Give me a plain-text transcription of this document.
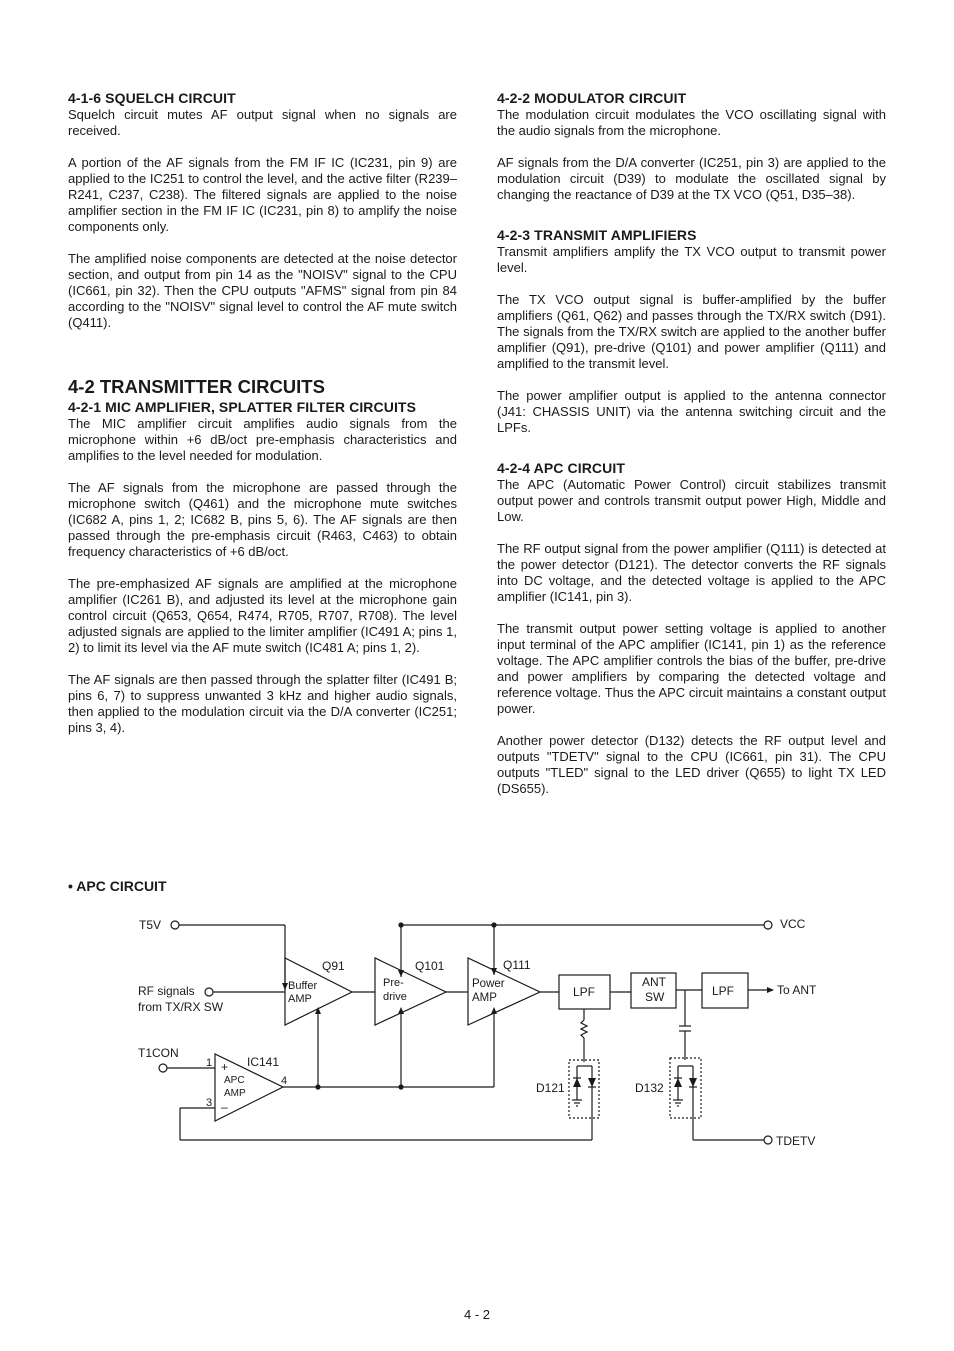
4-1-6 SQUELCH CIRCUIT

Squelch circuit mutes AF output signal when no signals are received.

A portion of the AF signals from the FM IF IC (IC231, pin 9) are applied to the IC251 to control the level, and the active filter (R239–R241, C237, C238). The filtered signals are applied to the noise amplifier section in the FM IF IC (IC231, pin 8) to amplify the noise components only.

The amplified noise components are detected at the noise detector section, and output from pin 14 as the "NOISV" signal to the CPU (IC661, pin 32). Then the CPU outputs "AFMS" signal from pin 84 according to the "NOISV" signal level to control the AF mute switch (Q411).

4-2 TRANSMITTER CIRCUITS
4-2-1 MIC AMPLIFIER, SPLATTER FILTER CIRCUITS

The MIC amplifier circuit amplifies audio signals from the microphone within +6 dB/oct pre-emphasis characteristics and amplifies to the level needed for modulation.

The AF signals from the microphone are passed through the microphone switch (Q461) and the microphone mute switches (IC682 A, pins 1, 2; IC682 B, pins 5, 6). The AF signals are then passed through the pre-emphasis circuit (R463, C463) to obtain frequency characteristics of +6 dB/oct.

The pre-emphasized AF signals are amplified at the microphone amplifier (IC261 B), and adjusted its level at the microphone gain control circuit (Q653, Q654, R474, R705, R707, R708). The level adjusted signals are applied to the limiter amplifier (IC491 A; pins 1, 2) to limit its level via the AF mute switch (IC481 A; pins 1, 2).

The AF signals are then passed through the splatter filter (IC491 B; pins 6, 7) to suppress unwanted 3 kHz and higher audio signals, then applied to the modulation circuit via the D/A converter (IC251; pins 3, 4).

4-2-2 MODULATOR CIRCUIT

The modulation circuit modulates the VCO oscillating signal with the audio signals from the microphone.

AF signals from the D/A converter (IC251, pin 3) are applied to the modulation circuit (D39) to modulate the oscillated signal by changing the reactance of D39 at the TX VCO (Q51, D35–38).

4-2-3 TRANSMIT AMPLIFIERS

Transmit amplifiers amplify the TX VCO output to transmit power level.

The TX VCO output signal is buffer-amplified by the buffer amplifiers (Q61, Q62) and passes through the TX/RX switch (D91). The signals from the TX/RX switch are applied to the another buffer amplifier (Q91), pre-drive (Q101) and power amplifier (Q111) and amplified to the transmit level.

The power amplifier output is applied to the antenna connector (J41: CHASSIS UNIT) via the antenna switching circuit and the LPFs.

4-2-4 APC CIRCUIT

The APC (Automatic Power Control) circuit stabilizes transmit output power and controls transmit output power High, Middle and Low.

The RF output signal from the power amplifier (Q111) is detected at the power detector (D121). The detector converts the RF signals into DC voltage, and the detected voltage is applied to the APC amplifier (IC141, pin 3).

The transmit output power setting voltage is applied to another input terminal of the APC amplifier (IC141, pin 1) as the reference voltage. The APC amplifier controls the bias of the buffer, pre-drive and power amplifiers by comparing the detected voltage and reference voltage. Thus the APC circuit maintains a constant output power.

Another power detector (D132) detects the RF output level and outputs "TDETV" signal to the CPU (IC661, pin 31). The CPU outputs "TLED" signal to the LED driver (Q655) to light TX LED (DS655).

• APC CIRCUIT
T5V	VCC
RF signals
from TX/RX SW
Buffer
AMP
Q91
Pre-
drive
Q101
Power
AMP
Q111
LPF
ANT
SW	LPF	To ANT
D121	D132
TDETV
+
–
APC
AMP
IC141
1
3
4
T1CON
4 - 2
